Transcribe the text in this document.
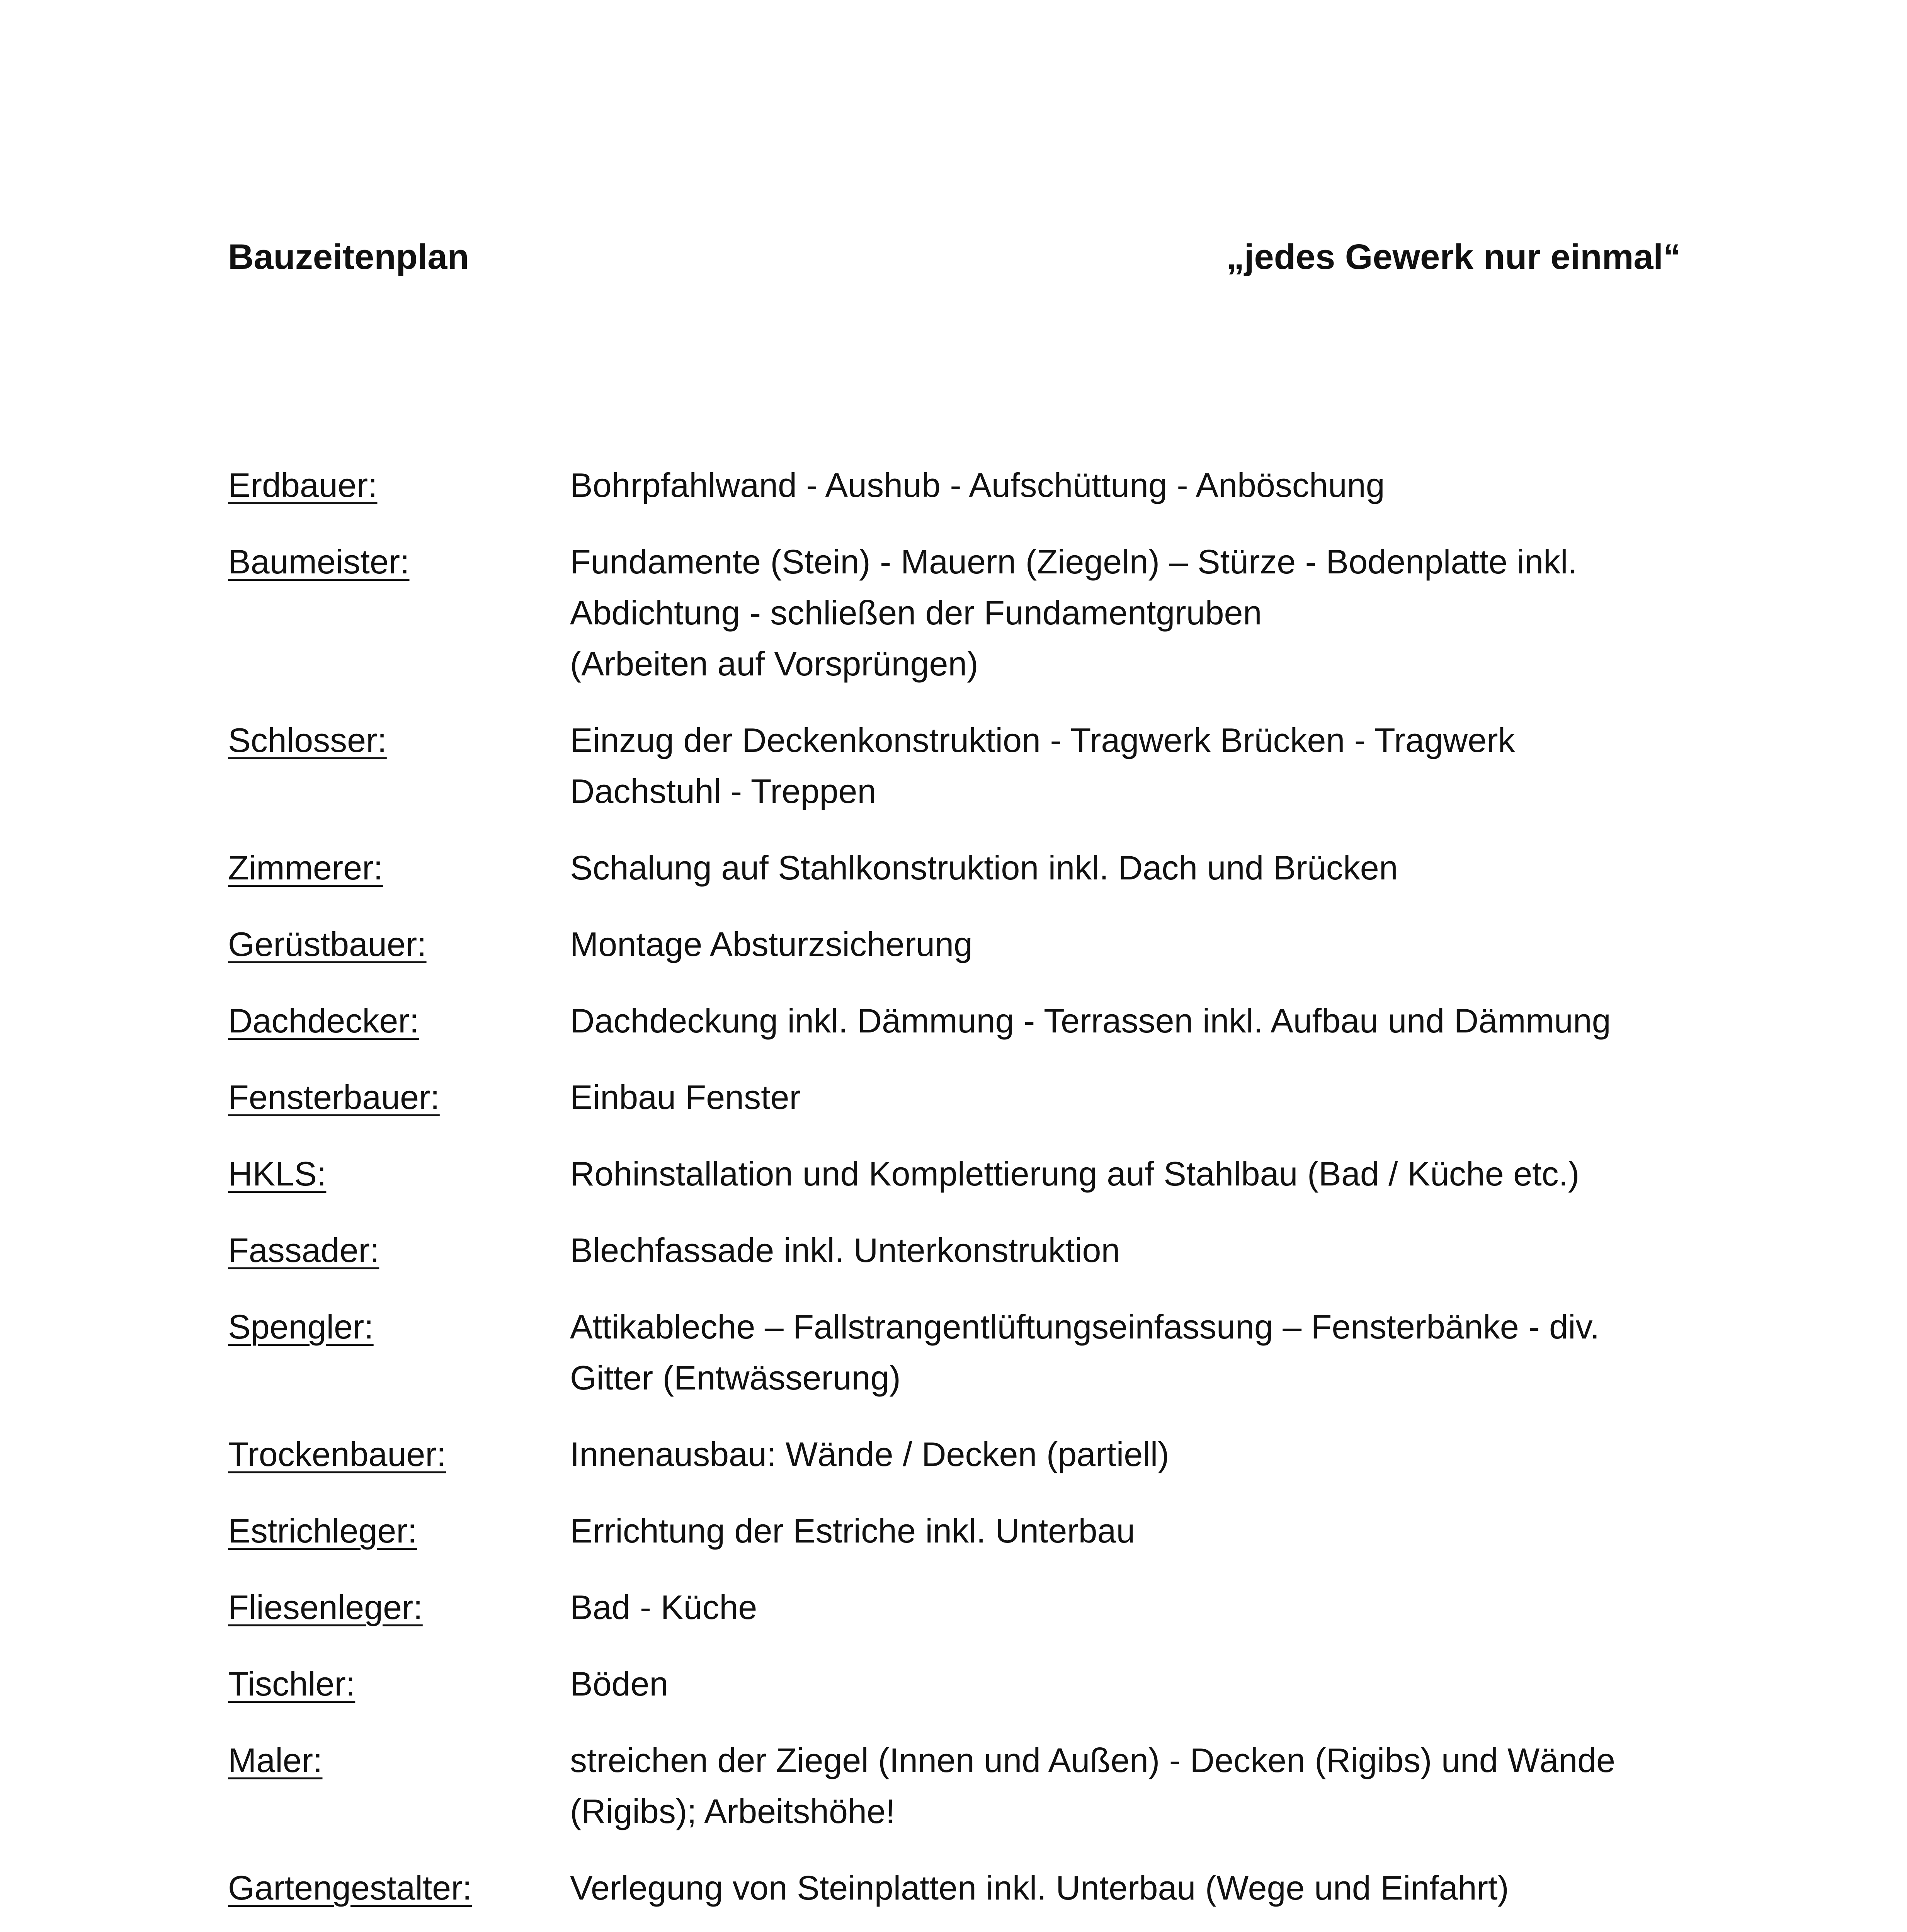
Bauzeitenplan	„jedes Gewerk nur einmal“
Erdbauer:	Bohrpfahlwand - Aushub - Aufschüttung - Anböschung
Baumeister:	Fundamente (Stein) - Mauern (Ziegeln) – Stürze - Bodenplatte inkl.
Abdichtung - schließen der Fundamentgruben
(Arbeiten auf Vorsprüngen)
Schlosser:	Einzug der Deckenkonstruktion - Tragwerk Brücken - Tragwerk
Dachstuhl - Treppen
Zimmerer:	Schalung auf Stahlkonstruktion inkl. Dach und Brücken
Gerüstbauer:	Montage Absturzsicherung
Dachdecker:	Dachdeckung inkl. Dämmung - Terrassen inkl. Aufbau und Dämmung
Fensterbauer:	Einbau Fenster
HKLS:	Rohinstallation und Komplettierung auf Stahlbau (Bad / Küche etc.)
Fassader:	Blechfassade inkl. Unterkonstruktion
Spengler:	Attikableche – Fallstrangentlüftungseinfassung – Fensterbänke - div.
Gitter (Entwässerung)
Trockenbauer:	Innenausbau: Wände / Decken (partiell)
Estrichleger:	Errichtung der Estriche inkl. Unterbau
Fliesenleger:	Bad - Küche
Tischler:	Böden
Maler:	streichen der Ziegel (Innen und Außen) - Decken (Rigibs) und Wände
(Rigibs); Arbeitshöhe!
Gartengestalter:	Verlegung von Steinplatten inkl. Unterbau (Wege und Einfahrt)
